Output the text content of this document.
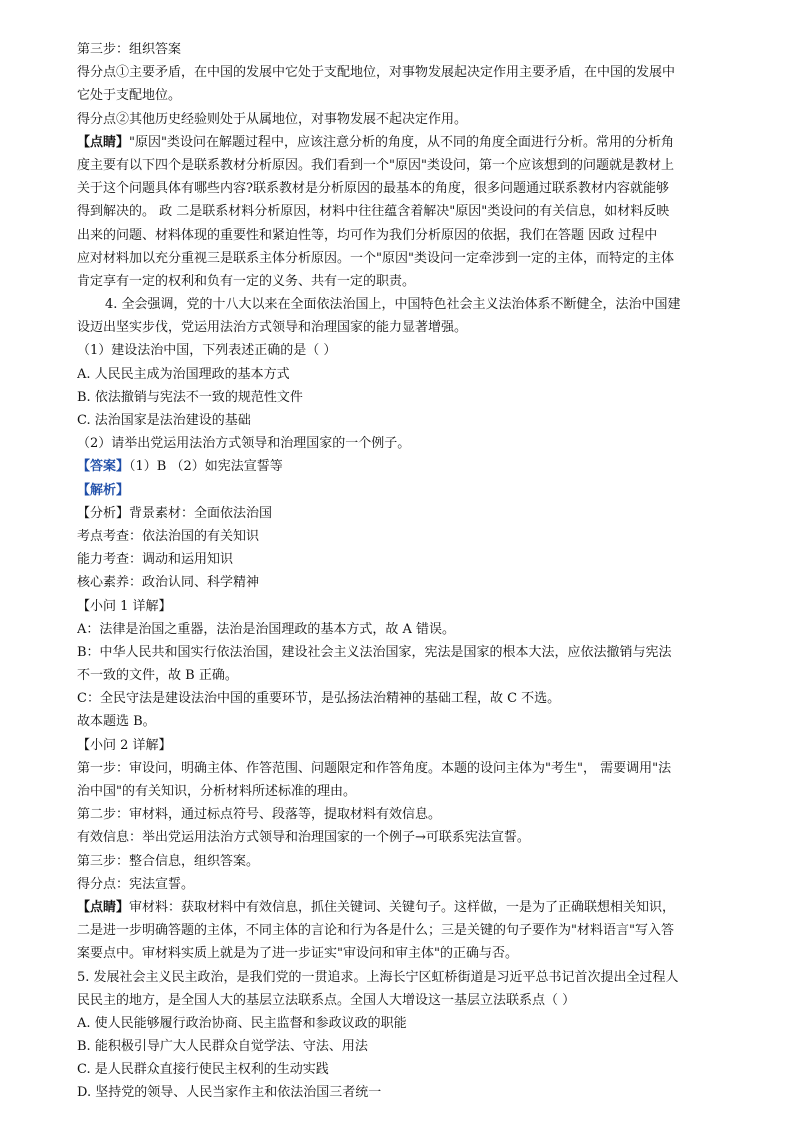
第三步：组织答案
得分点①主要矛盾，在中国的发展中它处于支配地位，对事物发展起决定作用主要矛盾，在中国的发展中
它处于支配地位。
得分点②其他历史经验则处于从属地位，对事物发展不起决定作用。
【点睛】"原因"类设问在解题过程中，应该注意分析的角度，从不同的角度全面进行分析。常用的分析角
度主要有以下四个是联系教材分析原因。我们看到一个"原因"类设问，第一个应该想到的问题就是教材上
关于这个问题具体有哪些内容?联系教材是分析原因的最基本的角度，很多问题通过联系教材内容就能够
得到解决的。 政 二是联系材料分析原因，材料中往往蕴含着解决"原因"类设问的有关信息，如材料反映
出来的问题、材料体现的重要性和紧迫性等，均可作为我们分析原因的依据，我们在答题 因政 过程中
应对材料加以充分重视三是联系主体分析原因。一个"原因"类设问一定牵涉到一定的主体，而特定的主体
肯定享有一定的权利和负有一定的义务、共有一定的职责。
4. 全会强调，党的十八大以来在全面依法治国上，中国特色社会主义法治体系不断健全，法治中国建
设迈出坚实步伐，党运用法治方式领导和治理国家的能力显著增强。
（1）建设法治中国，下列表述正确的是（ ）
A. 人民民主成为治国理政的基本方式
B. 依法撤销与宪法不一致的规范性文件
C. 法治国家是法治建设的基础
（2）请举出党运用法治方式领导和治理国家的一个例子。
【答案】（1）B （2）如宪法宣誓等
【解析】
【分析】背景素材：全面依法治国
考点考查：依法治国的有关知识
能力考查：调动和运用知识
核心素养：政治认同、科学精神
【小问 1 详解】
A：法律是治国之重器，法治是治国理政的基本方式，故 A 错误。
B：中华人民共和国实行依法治国，建设社会主义法治国家，宪法是国家的根本大法，应依法撤销与宪法
不一致的文件，故 B 正确。
C：全民守法是建设法治中国的重要环节，是弘扬法治精神的基础工程，故 C 不选。
故本题选 B。
【小问 2 详解】
第一步：审设问，明确主体、作答范围、问题限定和作答角度。本题的设问主体为"考生"， 需要调用"法
治中国"的有关知识，分析材料所述标准的理由。
第二步：审材料，通过标点符号、段落等，提取材料有效信息。
有效信息：举出党运用法治方式领导和治理国家的一个例子→可联系宪法宣誓。
第三步：整合信息，组织答案。
得分点：宪法宣誓。
【点睛】审材料：获取材料中有效信息，抓住关键词、关键句子。这样做，一是为了正确联想相关知识，
二是进一步明确答题的主体，不同主体的言论和行为各是什么；三是关键的句子要作为"材料语言"写入答
案要点中。审材料实质上就是为了进一步证实"审设问和审主体"的正确与否。
5. 发展社会主义民主政治，是我们党的一贯追求。上海长宁区虹桥街道是习近平总书记首次提出全过程人
民民主的地方，是全国人大的基层立法联系点。全国人大增设这一基层立法联系点（ ）
A. 使人民能够履行政治协商、民主监督和参政议政的职能
B. 能积极引导广大人民群众自觉学法、守法、用法
C. 是人民群众直接行使民主权利的生动实践
D. 坚持党的领导、人民当家作主和依法治国三者统一
